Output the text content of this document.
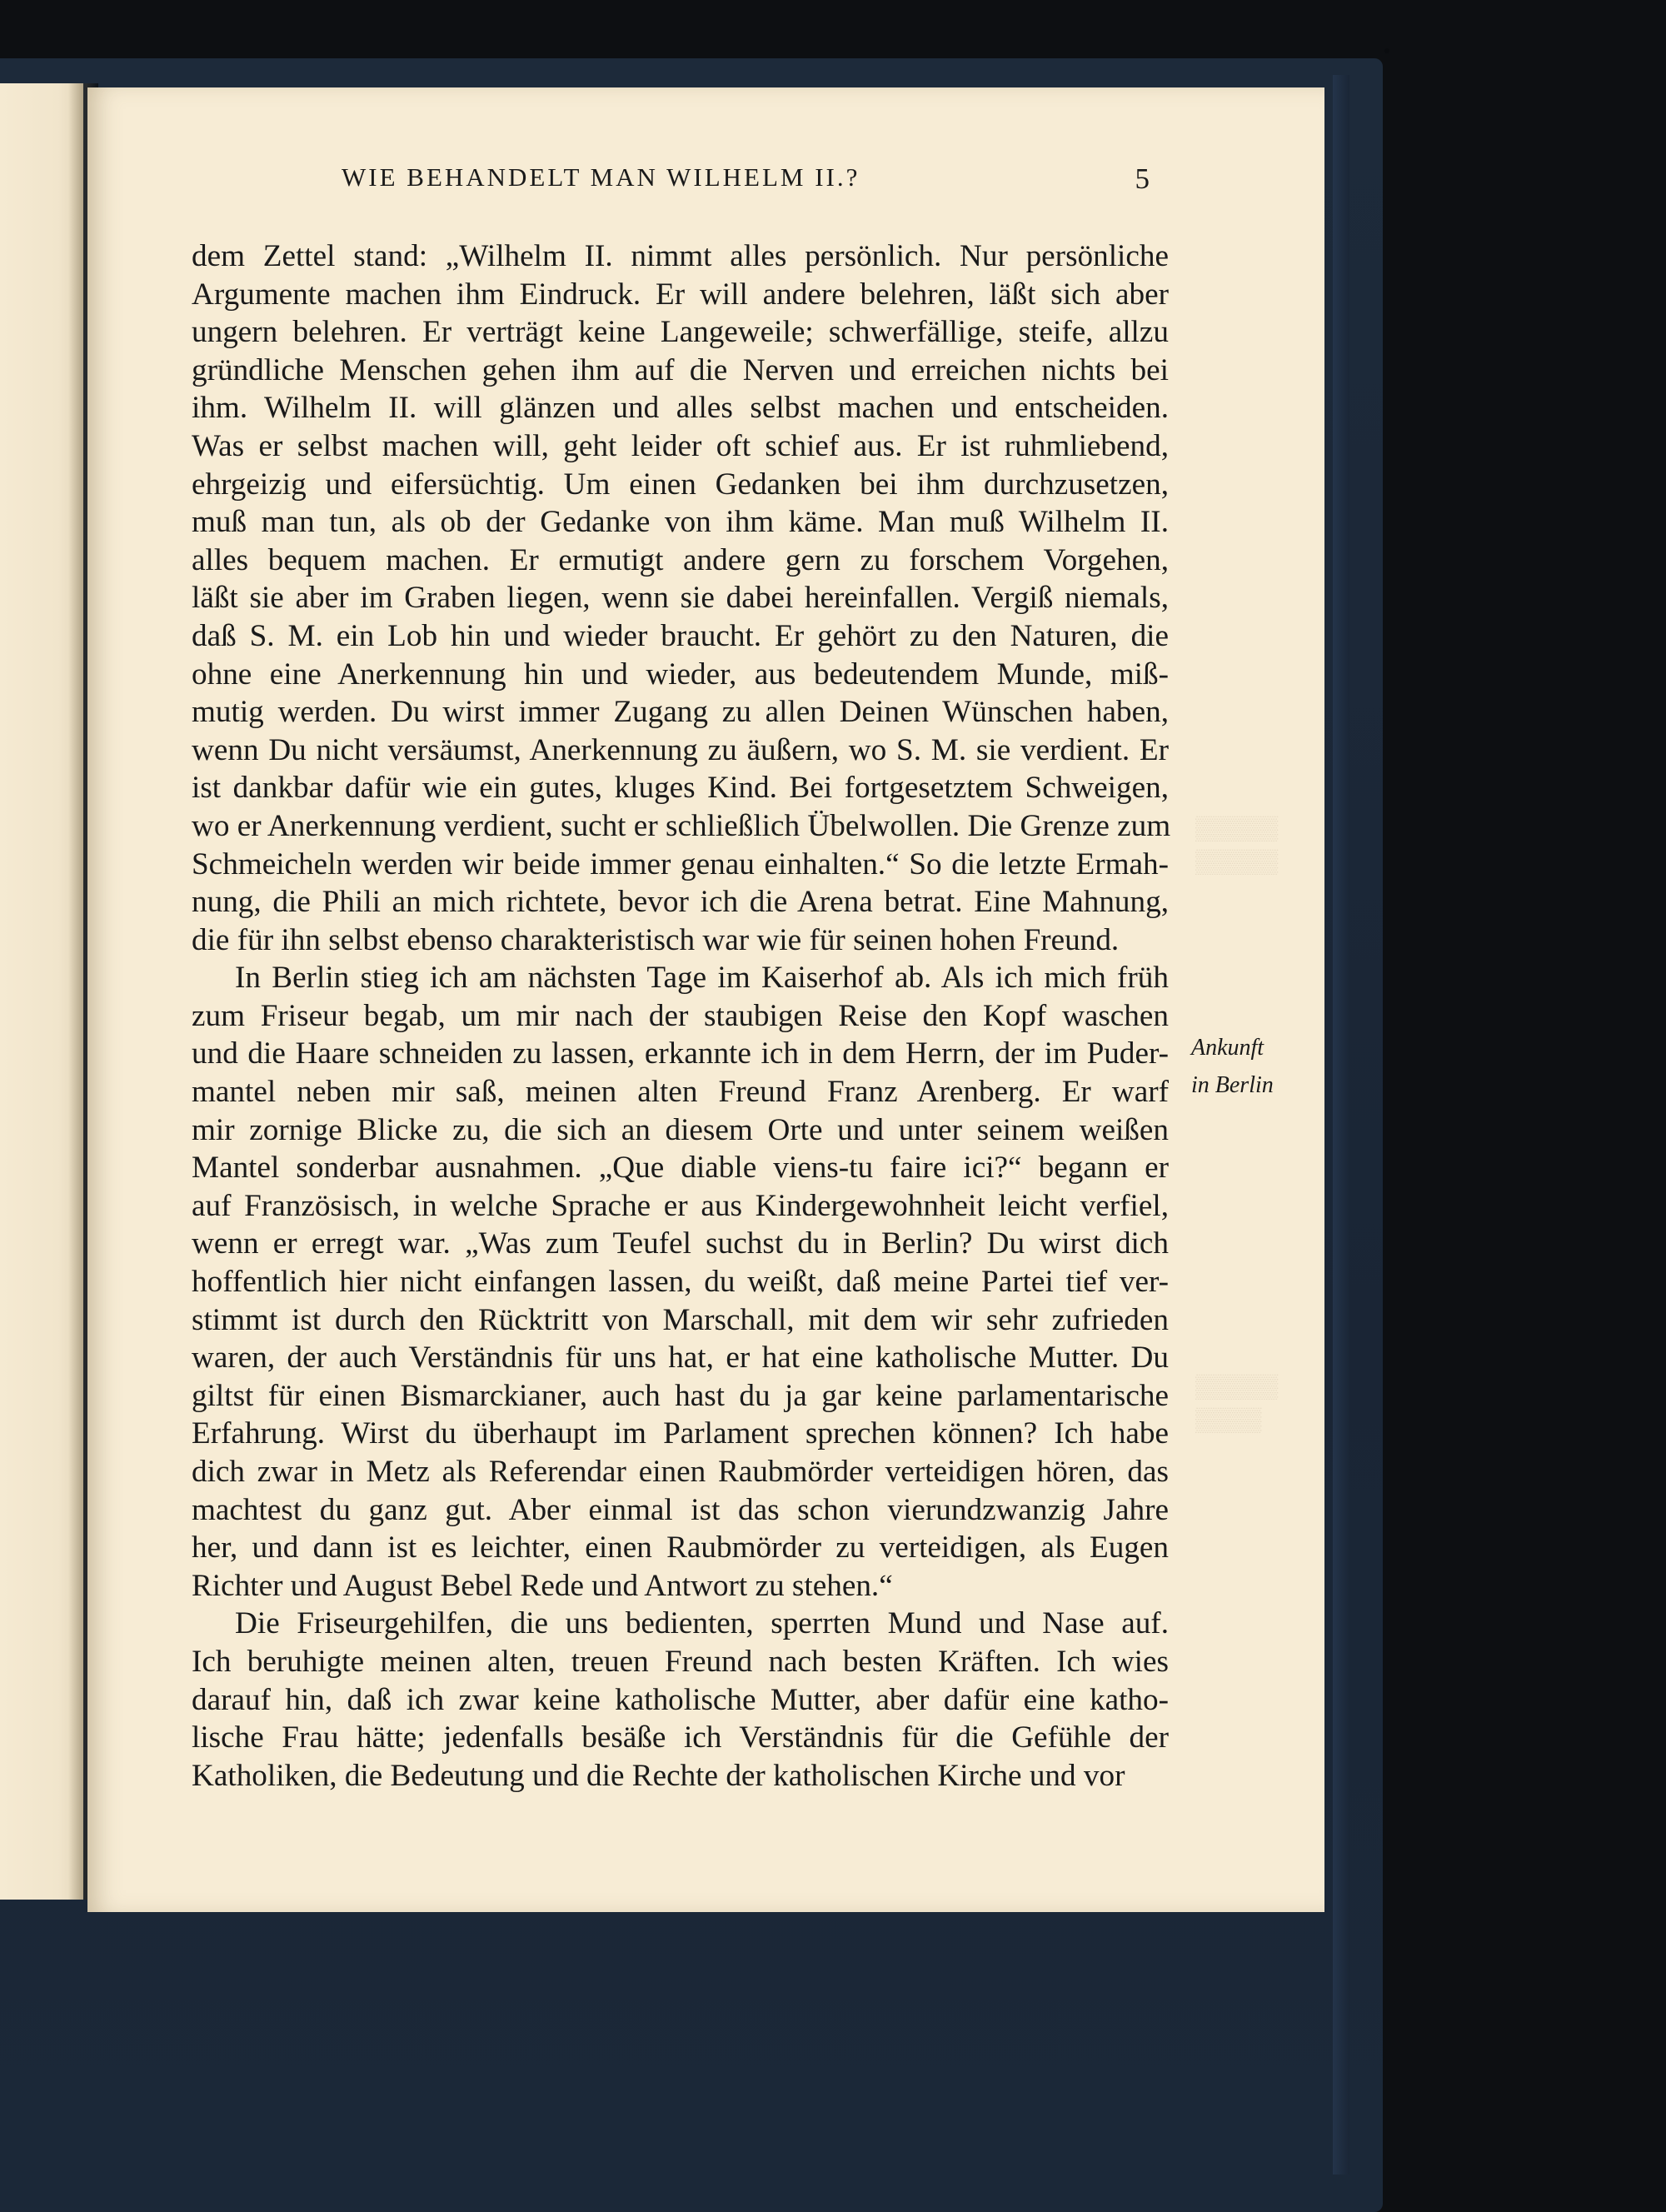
▒▒▒▒▒
▒▒▒▒▒
▒▒▒▒▒
▒▒▒▒
WIE BEHANDELT MAN WILHELM II.?	5
dem Zettel stand: „Wilhelm II. nimmt alles persönlich. Nur persönliche
Argumente machen ihm Eindruck. Er will andere belehren, läßt sich aber
ungern belehren. Er verträgt keine Langeweile; schwerfällige, steife, allzu
gründliche Menschen gehen ihm auf die Nerven und erreichen nichts bei
ihm. Wilhelm II. will glänzen und alles selbst machen und entscheiden.
Was er selbst machen will, geht leider oft schief aus. Er ist ruhmliebend,
ehrgeizig und eifersüchtig. Um einen Gedanken bei ihm durchzusetzen,
muß man tun, als ob der Gedanke von ihm käme. Man muß Wilhelm II.
alles bequem machen. Er ermutigt andere gern zu forschem Vorgehen,
läßt sie aber im Graben liegen, wenn sie dabei hereinfallen. Vergiß niemals,
daß S. M. ein Lob hin und wieder braucht. Er gehört zu den Naturen, die
ohne eine Anerkennung hin und wieder, aus bedeutendem Munde, miß-
mutig werden. Du wirst immer Zugang zu allen Deinen Wünschen haben,
wenn Du nicht versäumst, Anerkennung zu äußern, wo S. M. sie verdient. Er
ist dankbar dafür wie ein gutes, kluges Kind. Bei fortgesetztem Schweigen,
wo er Anerkennung verdient, sucht er schließlich Übelwollen. Die Grenze zum
Schmeicheln werden wir beide immer genau einhalten.“ So die letzte Ermah-
nung, die Phili an mich richtete, bevor ich die Arena betrat. Eine Mahnung,
die für ihn selbst ebenso charakteristisch war wie für seinen hohen Freund.
In Berlin stieg ich am nächsten Tage im Kaiserhof ab. Als ich mich früh
zum Friseur begab, um mir nach der staubigen Reise den Kopf waschen
und die Haare schneiden zu lassen, erkannte ich in dem Herrn, der im Puder-
mantel neben mir saß, meinen alten Freund Franz Arenberg. Er warf
mir zornige Blicke zu, die sich an diesem Orte und unter seinem weißen
Mantel sonderbar ausnahmen. „Que diable viens-tu faire ici?“ begann er
auf Französisch, in welche Sprache er aus Kindergewohnheit leicht verfiel,
wenn er erregt war. „Was zum Teufel suchst du in Berlin? Du wirst dich
hoffentlich hier nicht einfangen lassen, du weißt, daß meine Partei tief ver-
stimmt ist durch den Rücktritt von Marschall, mit dem wir sehr zufrieden
waren, der auch Verständnis für uns hat, er hat eine katholische Mutter. Du
giltst für einen Bismarckianer, auch hast du ja gar keine parlamentarische
Erfahrung. Wirst du überhaupt im Parlament sprechen können? Ich habe
dich zwar in Metz als Referendar einen Raubmörder verteidigen hören, das
machtest du ganz gut. Aber einmal ist das schon vierundzwanzig Jahre
her, und dann ist es leichter, einen Raubmörder zu verteidigen, als Eugen
Richter und August Bebel Rede und Antwort zu stehen.“
Die Friseurgehilfen, die uns bedienten, sperrten Mund und Nase auf.
Ich beruhigte meinen alten, treuen Freund nach besten Kräften. Ich wies
darauf hin, daß ich zwar keine katholische Mutter, aber dafür eine katho-
lische Frau hätte; jedenfalls besäße ich Verständnis für die Gefühle der
Katholiken, die Bedeutung und die Rechte der katholischen Kirche und vor
Ankunft
in Berlin
